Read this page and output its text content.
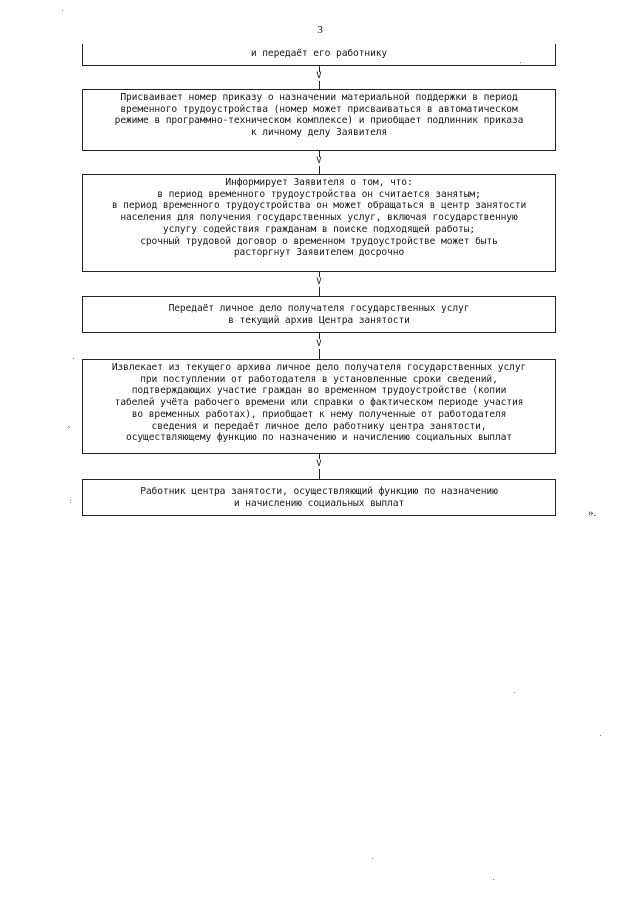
3
и передаёт его работнику
V
Присваивает номер приказу о назначении материальной поддержки в период
временного трудоустройства (номер может присваиваться в автоматическом
режиме в программно-техническом комплексе) и приобщает подлинник приказа
к личному делу Заявителя
V
Информирует Заявителя о том, что:
в период временного трудоустройства он считается занятым;
в период временного трудоустройства он может обращаться в центр занятости
населения для получения государственных услуг, включая государственную
услугу содействия гражданам в поиске подходящей работы;
срочный трудовой договор о временном трудоустройстве может быть
расторгнут Заявителем досрочно
V
Передаёт личное дело получателя государственных услуг
в текущий архив Центра занятости
V
Извлекает из текущего архива личное дело получателя государственных услуг
при поступлении от работодателя в установленные сроки сведений,
подтверждающих участие граждан во временном трудоустройстве (копии
табелей учёта рабочего времени или справки о фактическом периоде участия
во временных работах), приобщает к нему полученные от работодателя
сведения и передаёт личное дело работнику центра занятости,
осуществляющему функцию по назначению и начислению социальных выплат
V
Работник центра занятости, осуществляющий функцию по назначению
и начислению социальных выплат
».
